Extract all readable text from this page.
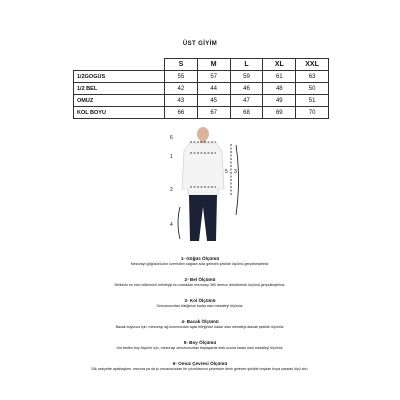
ÜST GİYİM
	S	M	L	XL	XXL
1/2GOGUS	55	57	59	61	63
1/2 BEL	42	44	46	48	50
OMUZ	43	45	47	49	51
KOL BOYU	66	67	68	69	70
6
1
2
5 3
4
1- Göğüs Ölçümü
Mezurayı göğüsünüzün üzerinden sağdan sola gelecek şekilde ölçümü gerçekleştiriniz.
2- Bel Ölçümü
Belinizin en ince bölümünü belirleyip bu noktadan mezurayı 360 derece döndürerek ölçümü gerçekleştiriniz.
3- Kol Ölçümü
Omuzunuzdan bileğinize kadar olan mesafeyi ölçünüz.
4- Bacak Ölçümü
Bacak boyunuz için, mezurayı ağ kısmınızdan ayak bileğinize kadar olan mesafeyi alacak şekilde ölçünüz.
5- Boy Ölçümü
Üst beden boy ölçümü için, mezurayı omuzunuzdan başlayarak etek ucuna kadar olan mesafeyi ölçünüz.
6- Omuz Çevresi Ölçümü
Dik vaziyette ayaktayken, mezura ya da ip omuzunuzdan bir çıkıntılarının çevresine denk gelecek şekilde boydan boya yararak ölçü alın.
